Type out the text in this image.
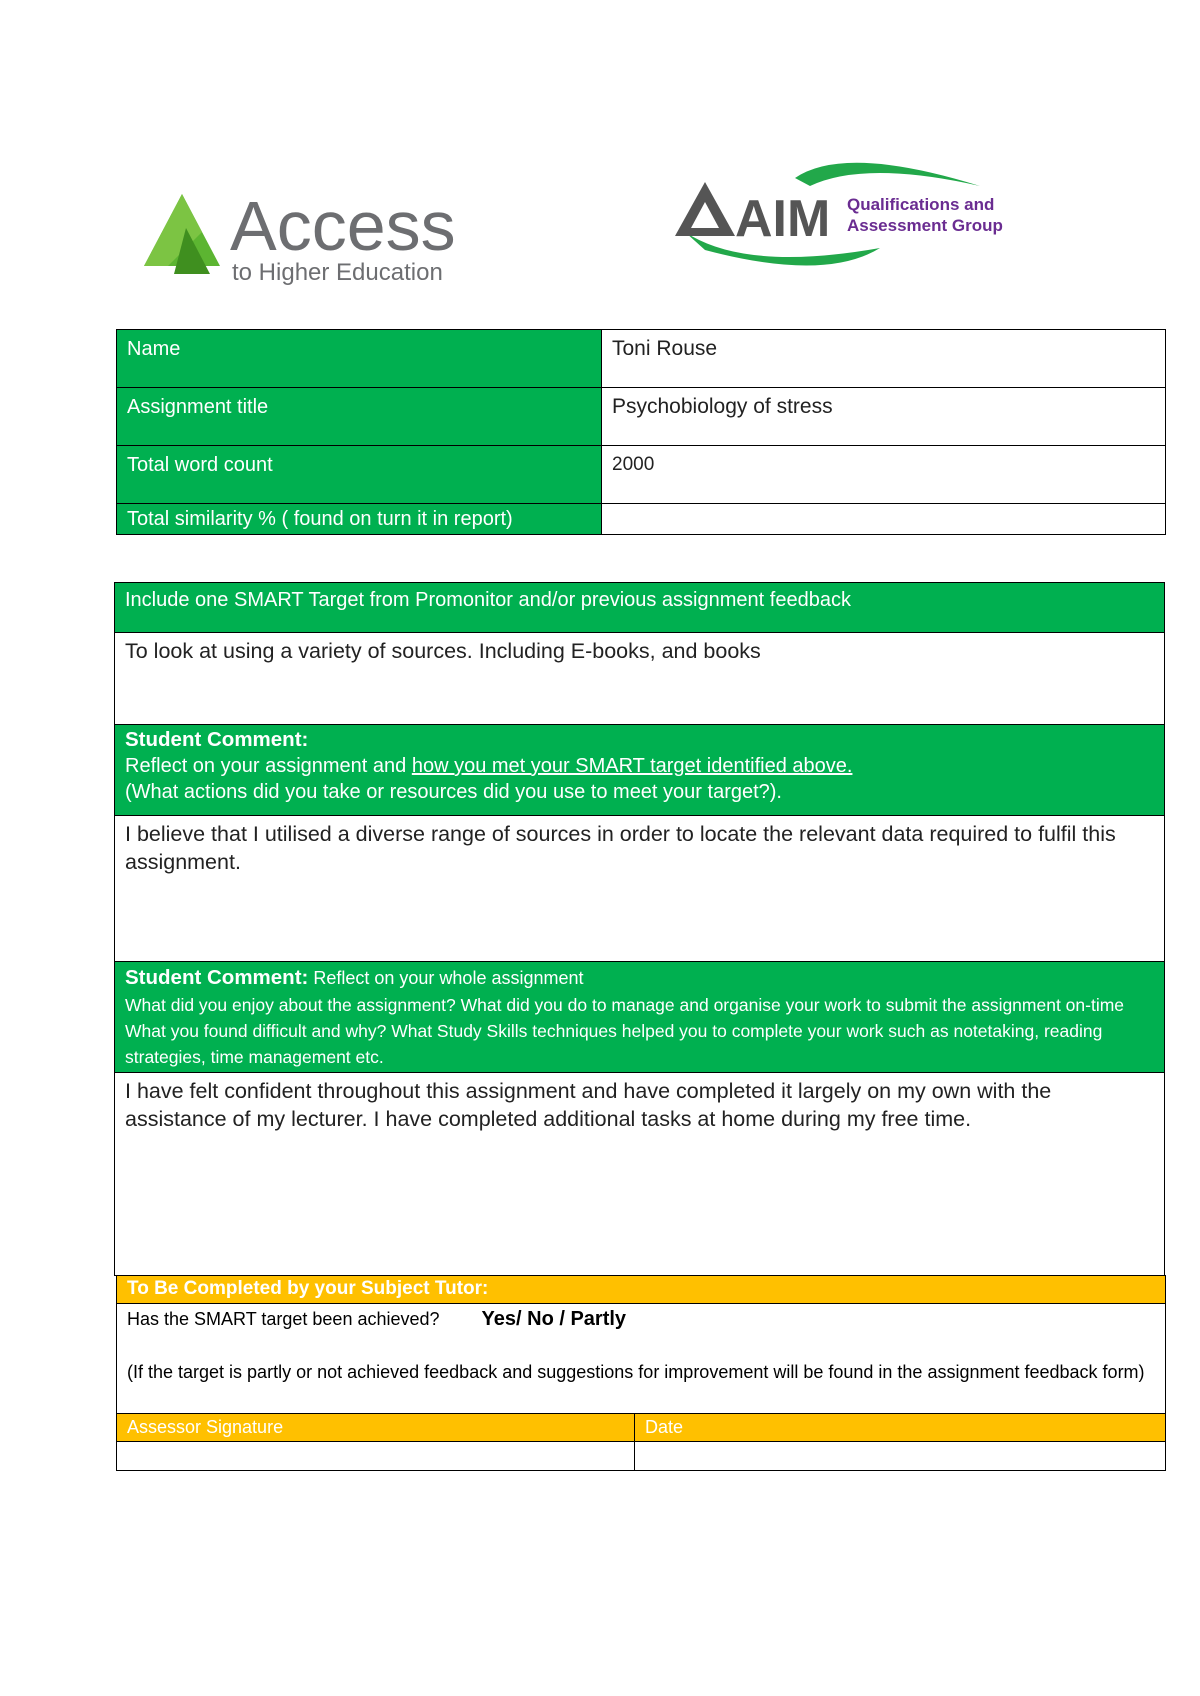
Access
to Higher Education
AIM Qualifications and
Assessment Group
Name	Toni Rouse
Assignment title	Psychobiology of stress
Total word count	2000
Total similarity % ( found on turn it in report)	
Include one SMART Target from Promonitor and/or previous assignment feedback
To look at using a variety of sources. Including E-books, and books

Student Comment:
Reflect on your assignment and how you met your SMART target identified above.
(What actions did you take or resources did you use to meet your target?).

I believe that I utilised a diverse range of sources in order to locate the relevant data required to fulfil this assignment.

Student Comment: Reflect on your whole assignment
What did you enjoy about the assignment? What did you do to manage and organise your work to submit the assignment on-time What you found difficult and why? What Study Skills techniques helped you to complete your work such as notetaking, reading strategies, time management etc.

I have felt confident throughout this assignment and have completed it largely on my own with the assistance of my lecturer. I have completed additional tasks at home during my free time.
To Be Completed by your Subject Tutor:	

Has the SMART target been achieved? Yes/ No / Partly
(If the target is partly or not achieved feedback and suggestions for improvement will be found in the assignment feedback form)	

Assessor Signature	Date
